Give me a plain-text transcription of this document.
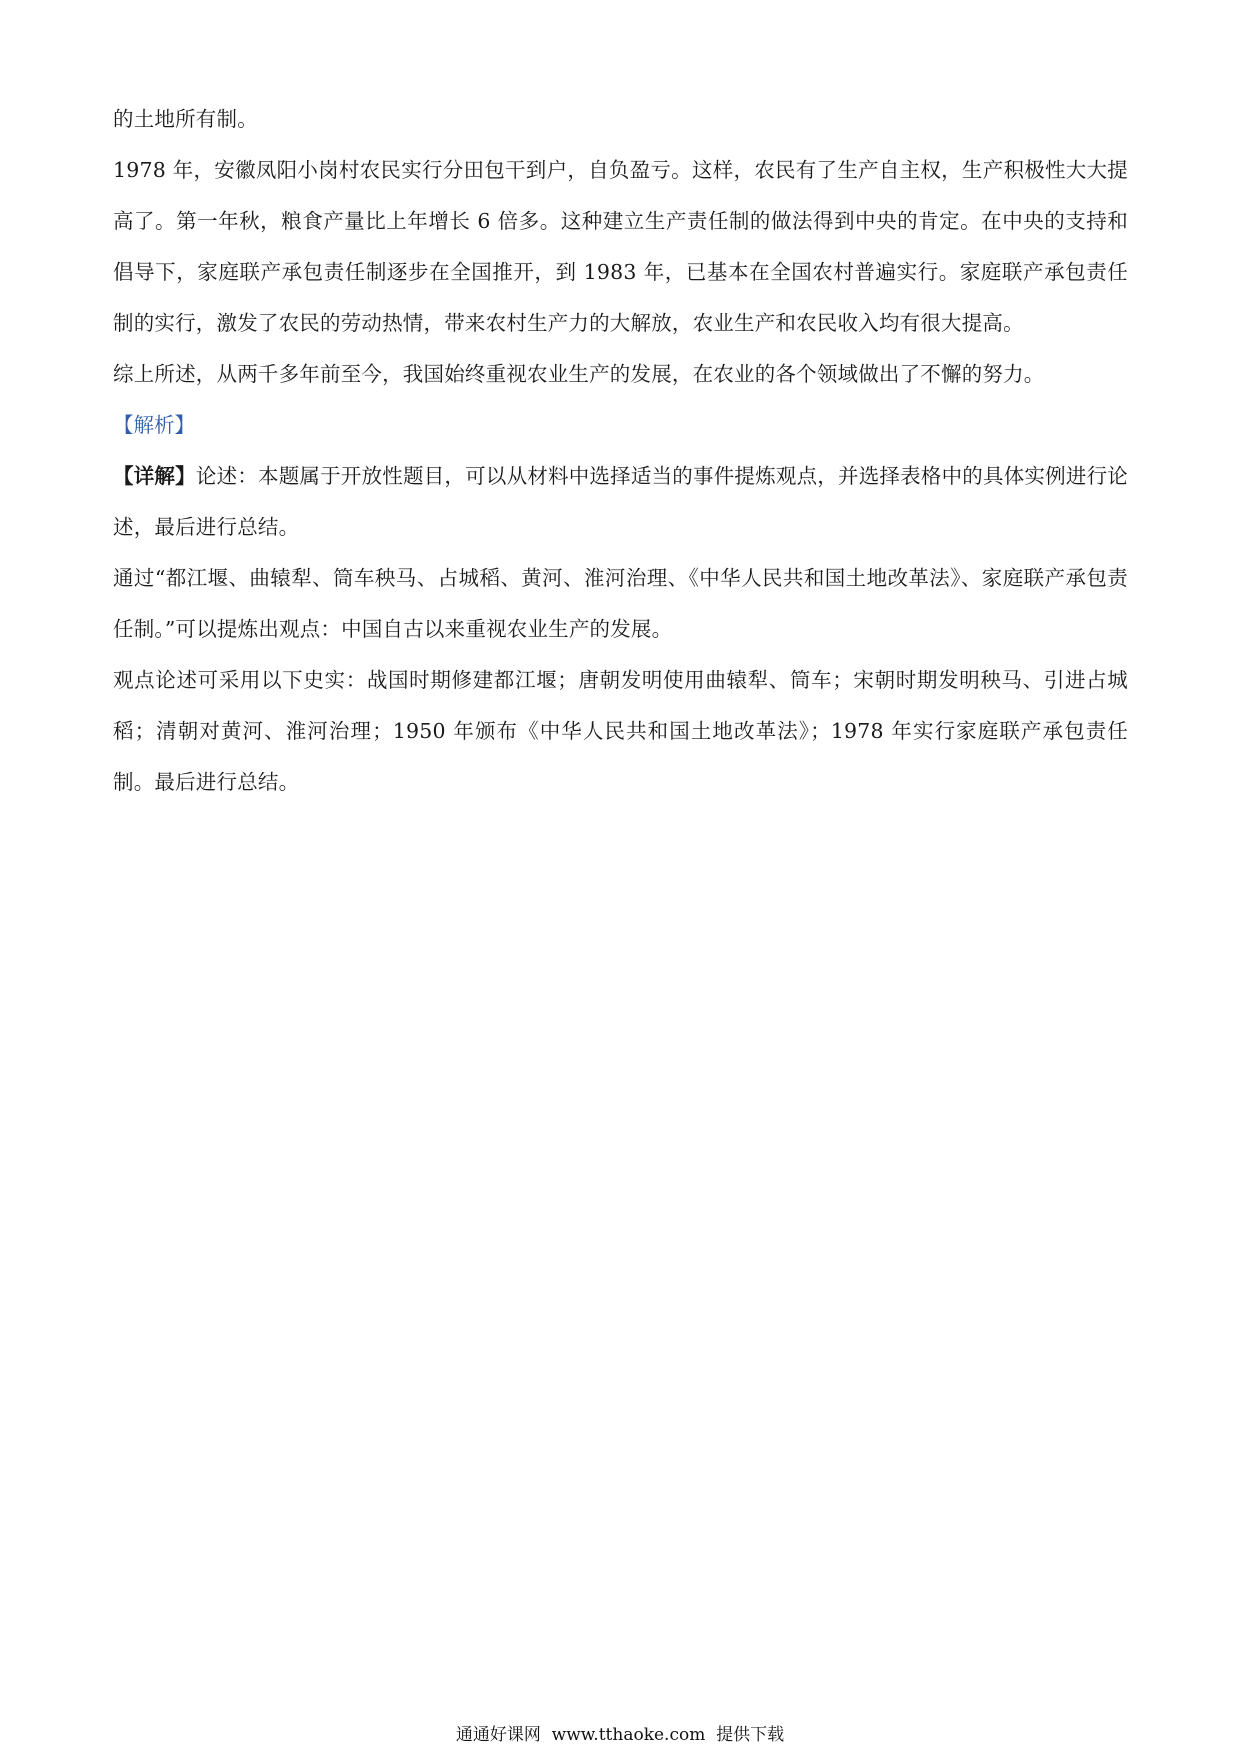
的土地所有制。

1978 年，安徽凤阳小岗村农民实行分田包干到户，自负盈亏。这样，农民有了生产自主权，生产积极性大大提高了。第一年秋，粮食产量比上年增长 6 倍多。这种建立生产责任制的做法得到中央的肯定。在中央的支持和倡导下，家庭联产承包责任制逐步在全国推开，到 1983 年，已基本在全国农村普遍实行。家庭联产承包责任制的实行，激发了农民的劳动热情，带来农村生产力的大解放，农业生产和农民收入均有很大提高。

综上所述，从两千多年前至今，我国始终重视农业生产的发展，在农业的各个领域做出了不懈的努力。

【解析】

【详解】论述：本题属于开放性题目，可以从材料中选择适当的事件提炼观点，并选择表格中的具体实例进行论述，最后进行总结。

通过“都江堰、曲辕犁、筒车秧马、占城稻、黄河、淮河治理、《中华人民共和国土地改革法》、家庭联产承包责任制。”可以提炼出观点：中国自古以来重视农业生产的发展。

观点论述可采用以下史实：战国时期修建都江堰；唐朝发明使用曲辕犁、筒车；宋朝时期发明秧马、引进占城稻；清朝对黄河、淮河治理；1950 年颁布《中华人民共和国土地改革法》；1978 年实行家庭联产承包责任制。最后进行总结。

通通好课网  www.tthaoke.com  提供下载
